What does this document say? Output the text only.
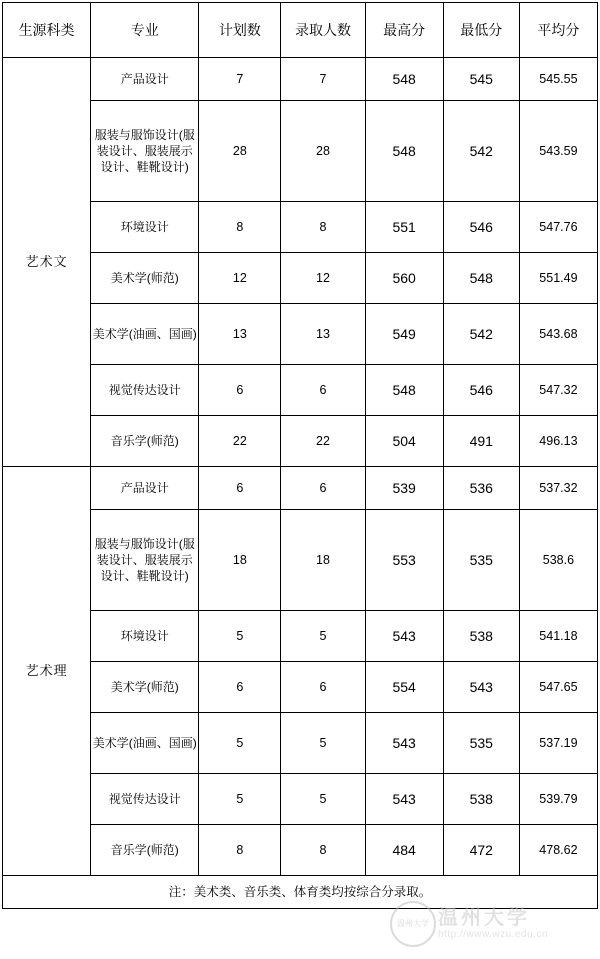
生源科类	专业	计划数	录取人数	最高分	最低分	平均分
艺术文	产品设计	7	7	548	545	545.55
	服装与服饰设计(服装设计、服装展示设计、鞋靴设计)	28	28	548	542	543.59
	环境设计	8	8	551	546	547.76
	美术学(师范)	12	12	560	548	551.49
	美术学(油画、国画)	13	13	549	542	543.68
	视觉传达设计	6	6	548	546	547.32
	音乐学(师范)	22	22	504	491	496.13
艺术理	产品设计	6	6	539	536	537.32
	服装与服饰设计(服装设计、服装展示设计、鞋靴设计)	18	18	553	535	538.6
	环境设计	5	5	543	538	541.18
	美术学(师范)	6	6	554	543	547.65
	美术学(油画、国画)	5	5	543	535	537.19
	视觉传达设计	5	5	543	538	539.79
	音乐学(师范)	8	8	484	472	478.62
注：美术类、音乐类、体育类均按综合分录取。						
温州大学 温州大学
http://www.wzu.edu.cn
